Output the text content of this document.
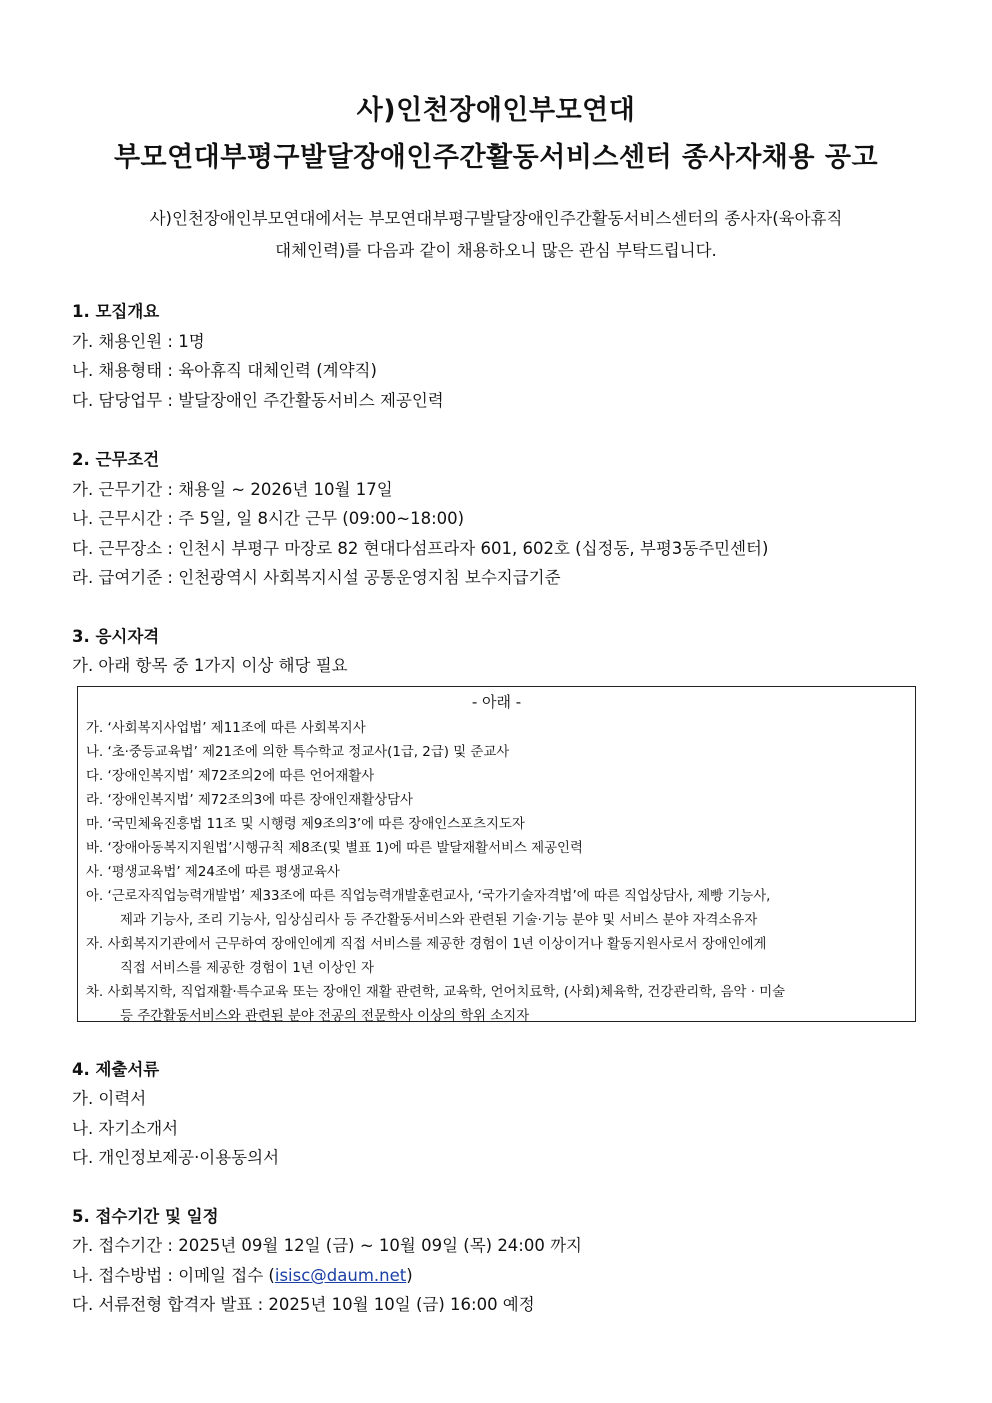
사)인천장애인부모연대
부모연대부평구발달장애인주간활동서비스센터 종사자채용 공고
사)인천장애인부모연대에서는 부모연대부평구발달장애인주간활동서비스센터의 종사자(육아휴직
대체인력)를 다음과 같이 채용하오니 많은 관심 부탁드립니다.
1. 모집개요
가. 채용인원 : 1명
나. 채용형태 : 육아휴직 대체인력 (계약직)
다. 담당업무 : 발달장애인 주간활동서비스 제공인력
2. 근무조건
가. 근무기간 : 채용일 ~ 2026년 10월 17일
나. 근무시간 : 주 5일, 일 8시간 근무 (09:00~18:00)
다. 근무장소 : 인천시 부평구 마장로 82 현대다섬프라자 601, 602호 (십정동, 부평3동주민센터)
라. 급여기준 : 인천광역시 사회복지시설 공통운영지침 보수지급기준
3. 응시자격
가. 아래 항목 중 1가지 이상 해당 필요
- 아래 -
가. ‘사회복지사업법’ 제11조에 따른 사회복지사
나. ‘초·중등교육법’ 제21조에 의한 특수학교 정교사(1급, 2급) 및 준교사
다. ‘장애인복지법’ 제72조의2에 따른 언어재활사
라. ‘장애인복지법’ 제72조의3에 따른 장애인재활상담사
마. ‘국민체육진흥법 11조 및 시행령 제9조의3’에 따른 장애인스포츠지도자
바. ‘장애아동복지지원법’시행규칙 제8조(및 별표 1)에 따른 발달재활서비스 제공인력
사. ‘평생교육법’ 제24조에 따른 평생교육사
아. ‘근로자직업능력개발법’ 제33조에 따른 직업능력개발훈련교사, ‘국가기술자격법’에 따른 직업상담사, 제빵 기능사,
제과 기능사, 조리 기능사, 임상심리사 등 주간활동서비스와 관련된 기술·기능 분야 및 서비스 분야 자격소유자
자. 사회복지기관에서 근무하여 장애인에게 직접 서비스를 제공한 경험이 1년 이상이거나 활동지원사로서 장애인에게
직접 서비스를 제공한 경험이 1년 이상인 자
차. 사회복지학, 직업재활·특수교육 또는 장애인 재활 관련학, 교육학, 언어치료학, (사회)체육학, 건강관리학, 음악 · 미술
등 주간활동서비스와 관련된 분야 전공의 전문학사 이상의 학위 소지자
4. 제출서류
가. 이력서
나. 자기소개서
다. 개인정보제공·이용동의서
5. 접수기간 및 일정
가. 접수기간 : 2025년 09월 12일 (금) ~ 10월 09일 (목) 24:00 까지
나. 접수방법 : 이메일 접수 (isisc@daum.net)
다. 서류전형 합격자 발표 : 2025년 10월 10일 (금) 16:00 예정
